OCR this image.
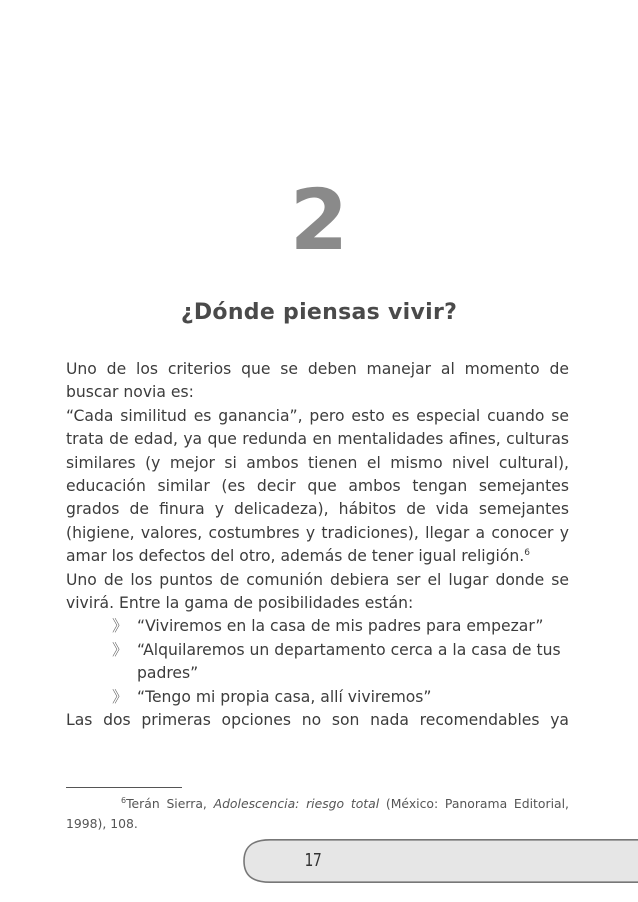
2
¿Dónde piensas vivir?

Uno de los criterios que se deben manejar al momento de buscar novia es:

“Cada similitud es ganancia”, pero esto es especial cuando se trata de edad, ya que redunda en mentalidades afines, culturas similares (y mejor si ambos tienen el mismo nivel cultural), educación similar (es decir que ambos tengan semejantes grados de finura y delicadeza), hábitos de vida semejantes (higiene, valores, costumbres y tradiciones), llegar a conocer y amar los defectos del otro, además de tener igual religión.$^6$

Uno de los puntos de comunión debiera ser el lugar donde se vivirá. Entre la gama de posibilidades están:

》 “Viviremos en la casa de mis padres para empezar”
》 “Alquilaremos un departamento cerca a la casa de tus padres”
》 “Tengo mi propia casa, allí viviremos”

Las dos primeras opciones no son nada recomendables ya

$^6$Terán Sierra, Adolescencia: riesgo total (México: Panorama Editorial, 1998), 108.
17
